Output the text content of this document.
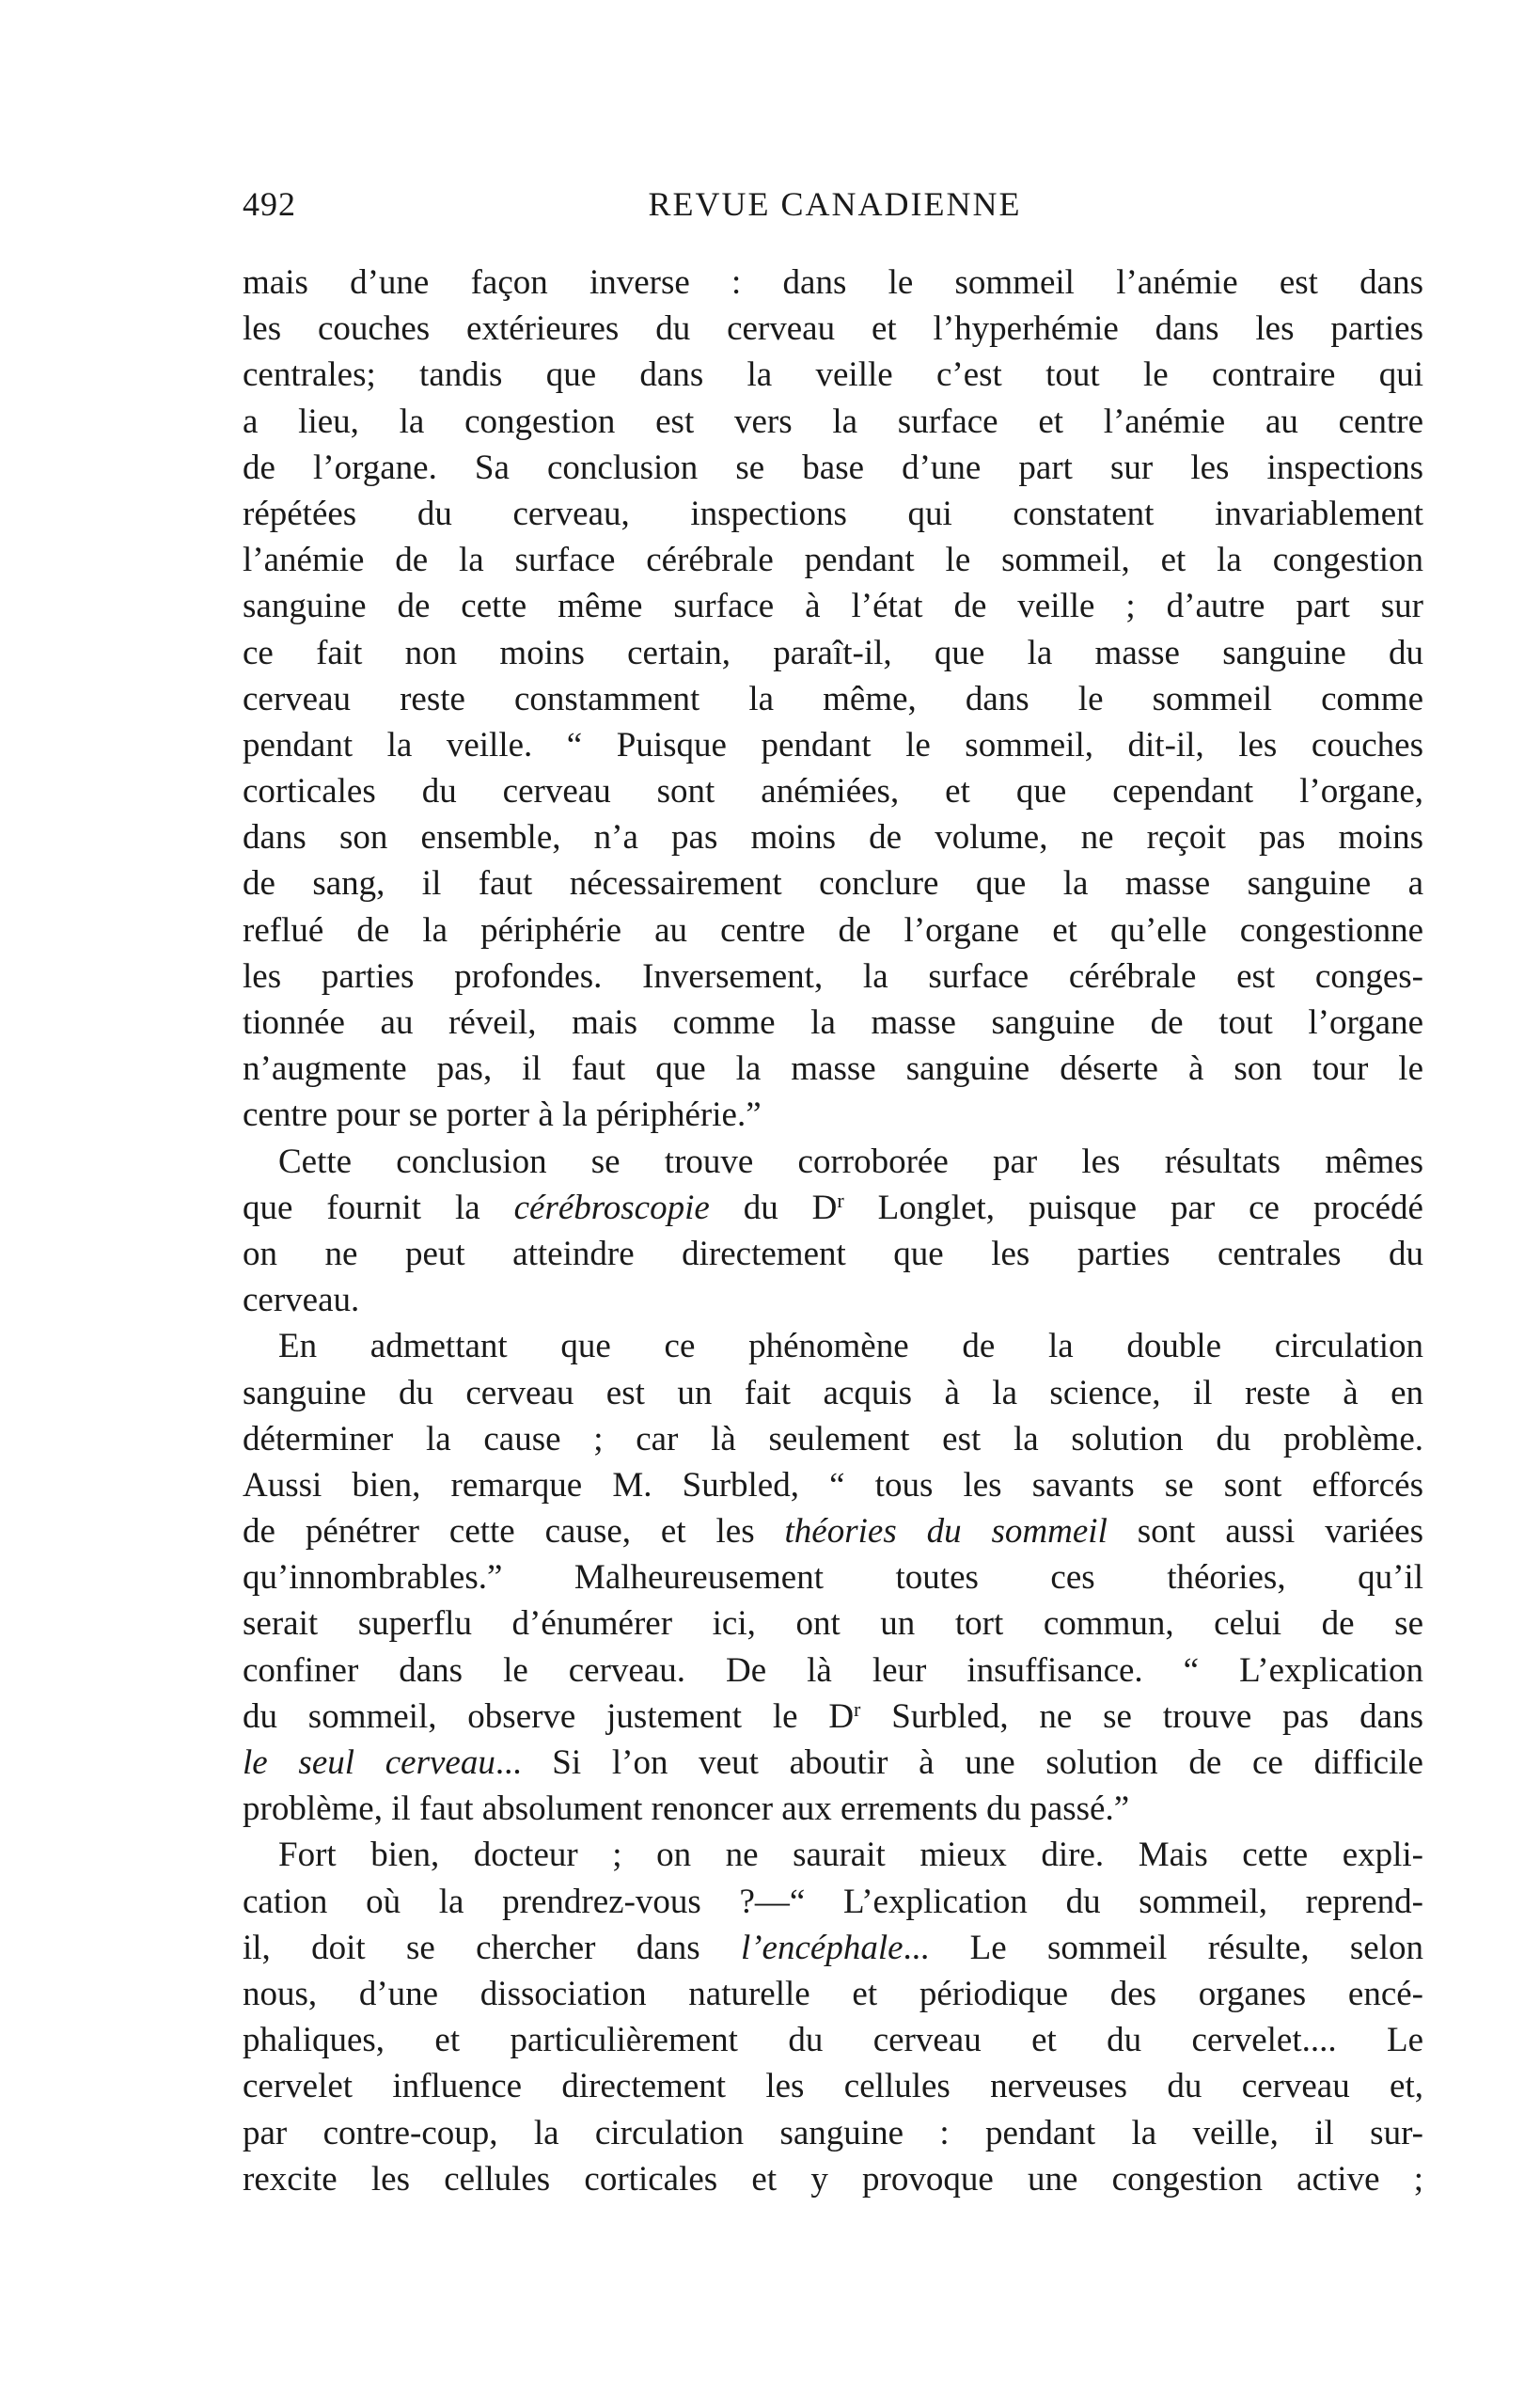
492	REVUE CANADIENNE
mais d’une façon inverse : dans le sommeil l’anémie est dans
les couches extérieures du cerveau et l’hyperhémie dans les parties
centrales; tandis que dans la veille c’est tout le contraire qui
a lieu, la congestion est vers la surface et l’anémie au centre
de l’organe. Sa conclusion se base d’une part sur les inspections
répétées du cerveau, inspections qui constatent invariablement
l’anémie de la surface cérébrale pendant le sommeil, et la congestion
sanguine de cette même surface à l’état de veille ; d’autre part sur
ce fait non moins certain, paraît-il, que la masse sanguine du
cerveau reste constamment la même, dans le sommeil comme
pendant la veille. “ Puisque pendant le sommeil, dit-il, les couches
corticales du cerveau sont anémiées, et que cependant l’organe,
dans son ensemble, n’a pas moins de volume, ne reçoit pas moins
de sang, il faut nécessairement conclure que la masse sanguine a
reflué de la périphérie au centre de l’organe et qu’elle congestionne
les parties profondes. Inversement, la surface cérébrale est conges-
tionnée au réveil, mais comme la masse sanguine de tout l’organe
n’augmente pas, il faut que la masse sanguine déserte à son tour le
centre pour se porter à la périphérie.”
Cette conclusion se trouve corroborée par les résultats mêmes
que fournit la cérébroscopie du $D^r$ Longlet, puisque par ce procédé
on ne peut atteindre directement que les parties centrales du
cerveau.
En admettant que ce phénomène de la double circulation
sanguine du cerveau est un fait acquis à la science, il reste à en
déterminer la cause ; car là seulement est la solution du problème.
Aussi bien, remarque M. Surbled, “ tous les savants se sont efforcés
de pénétrer cette cause, et les théories du sommeil sont aussi variées
qu’innombrables.” Malheureusement toutes ces théories, qu’il
serait superflu d’énumérer ici, ont un tort commun, celui de se
confiner dans le cerveau. De là leur insuffisance. “ L’explication
du sommeil, observe justement le $D^r$ Surbled, ne se trouve pas dans
le seul cerveau... Si l’on veut aboutir à une solution de ce difficile
problème, il faut absolument renoncer aux errements du passé.”
Fort bien, docteur ; on ne saurait mieux dire. Mais cette expli-
cation où la prendrez-vous ?—“ L’explication du sommeil, reprend-
il, doit se chercher dans l’encéphale... Le sommeil résulte, selon
nous, d’une dissociation naturelle et périodique des organes encé-
phaliques, et particulièrement du cerveau et du cervelet.... Le
cervelet influence directement les cellules nerveuses du cerveau et,
par contre-coup, la circulation sanguine : pendant la veille, il sur-
rexcite les cellules corticales et y provoque une congestion active ;
